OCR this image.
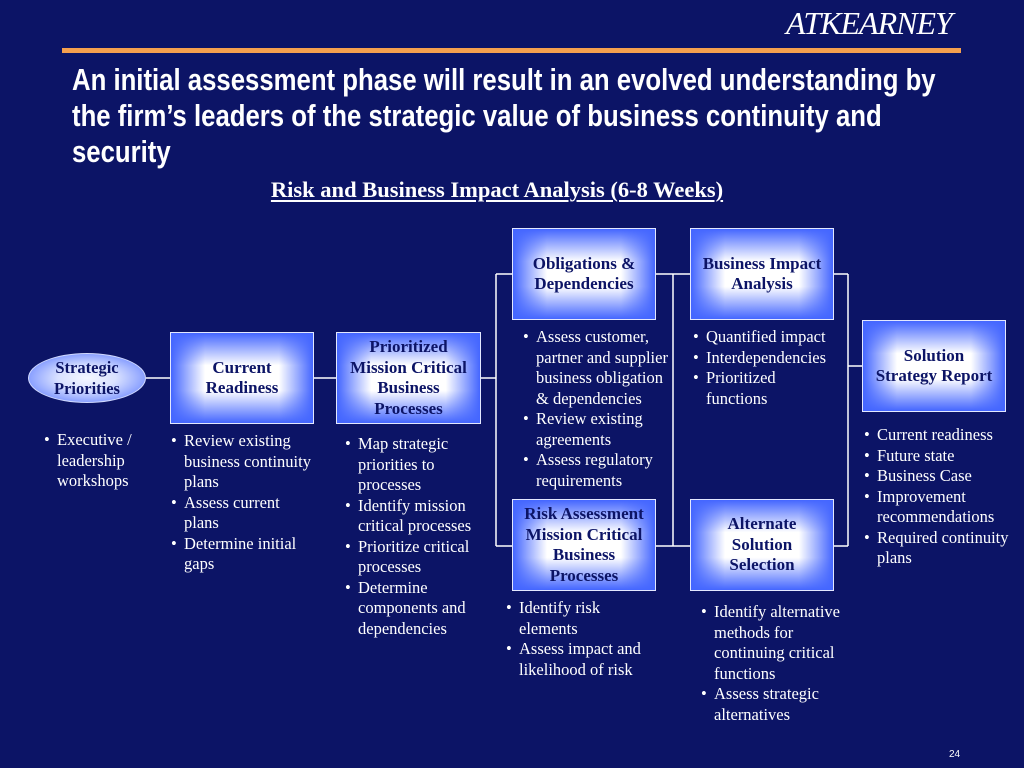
ATKEARNEY
An initial assessment phase will result in an evolved understanding by the firm’s leaders of the strategic value of business continuity and security
Risk and Business Impact Analysis (6-8 Weeks)
Strategic Priorities
• Executive / leadership workshops
Current Readiness
• Review existing business continuity plans
• Assess current plans
• Determine initial gaps
Prioritized Mission Critical Business Processes
• Map strategic priorities to processes
• Identify mission critical processes
• Prioritize critical processes
• Determine components and dependencies
Obligations & Dependencies
• Assess customer, partner and supplier business obligation & dependencies
• Review existing agreements
• Assess regulatory requirements
Business Impact Analysis
• Quantified impact
• Interdependencies
• Prioritized functions
Risk Assessment Mission Critical Business Processes
• Identify risk elements
• Assess impact and likelihood of risk
Alternate Solution Selection
• Identify alternative methods for continuing critical functions
• Assess strategic alternatives
Solution Strategy Report
• Current readiness
• Future state
• Business Case
• Improvement recommendations
• Required continuity plans
24
